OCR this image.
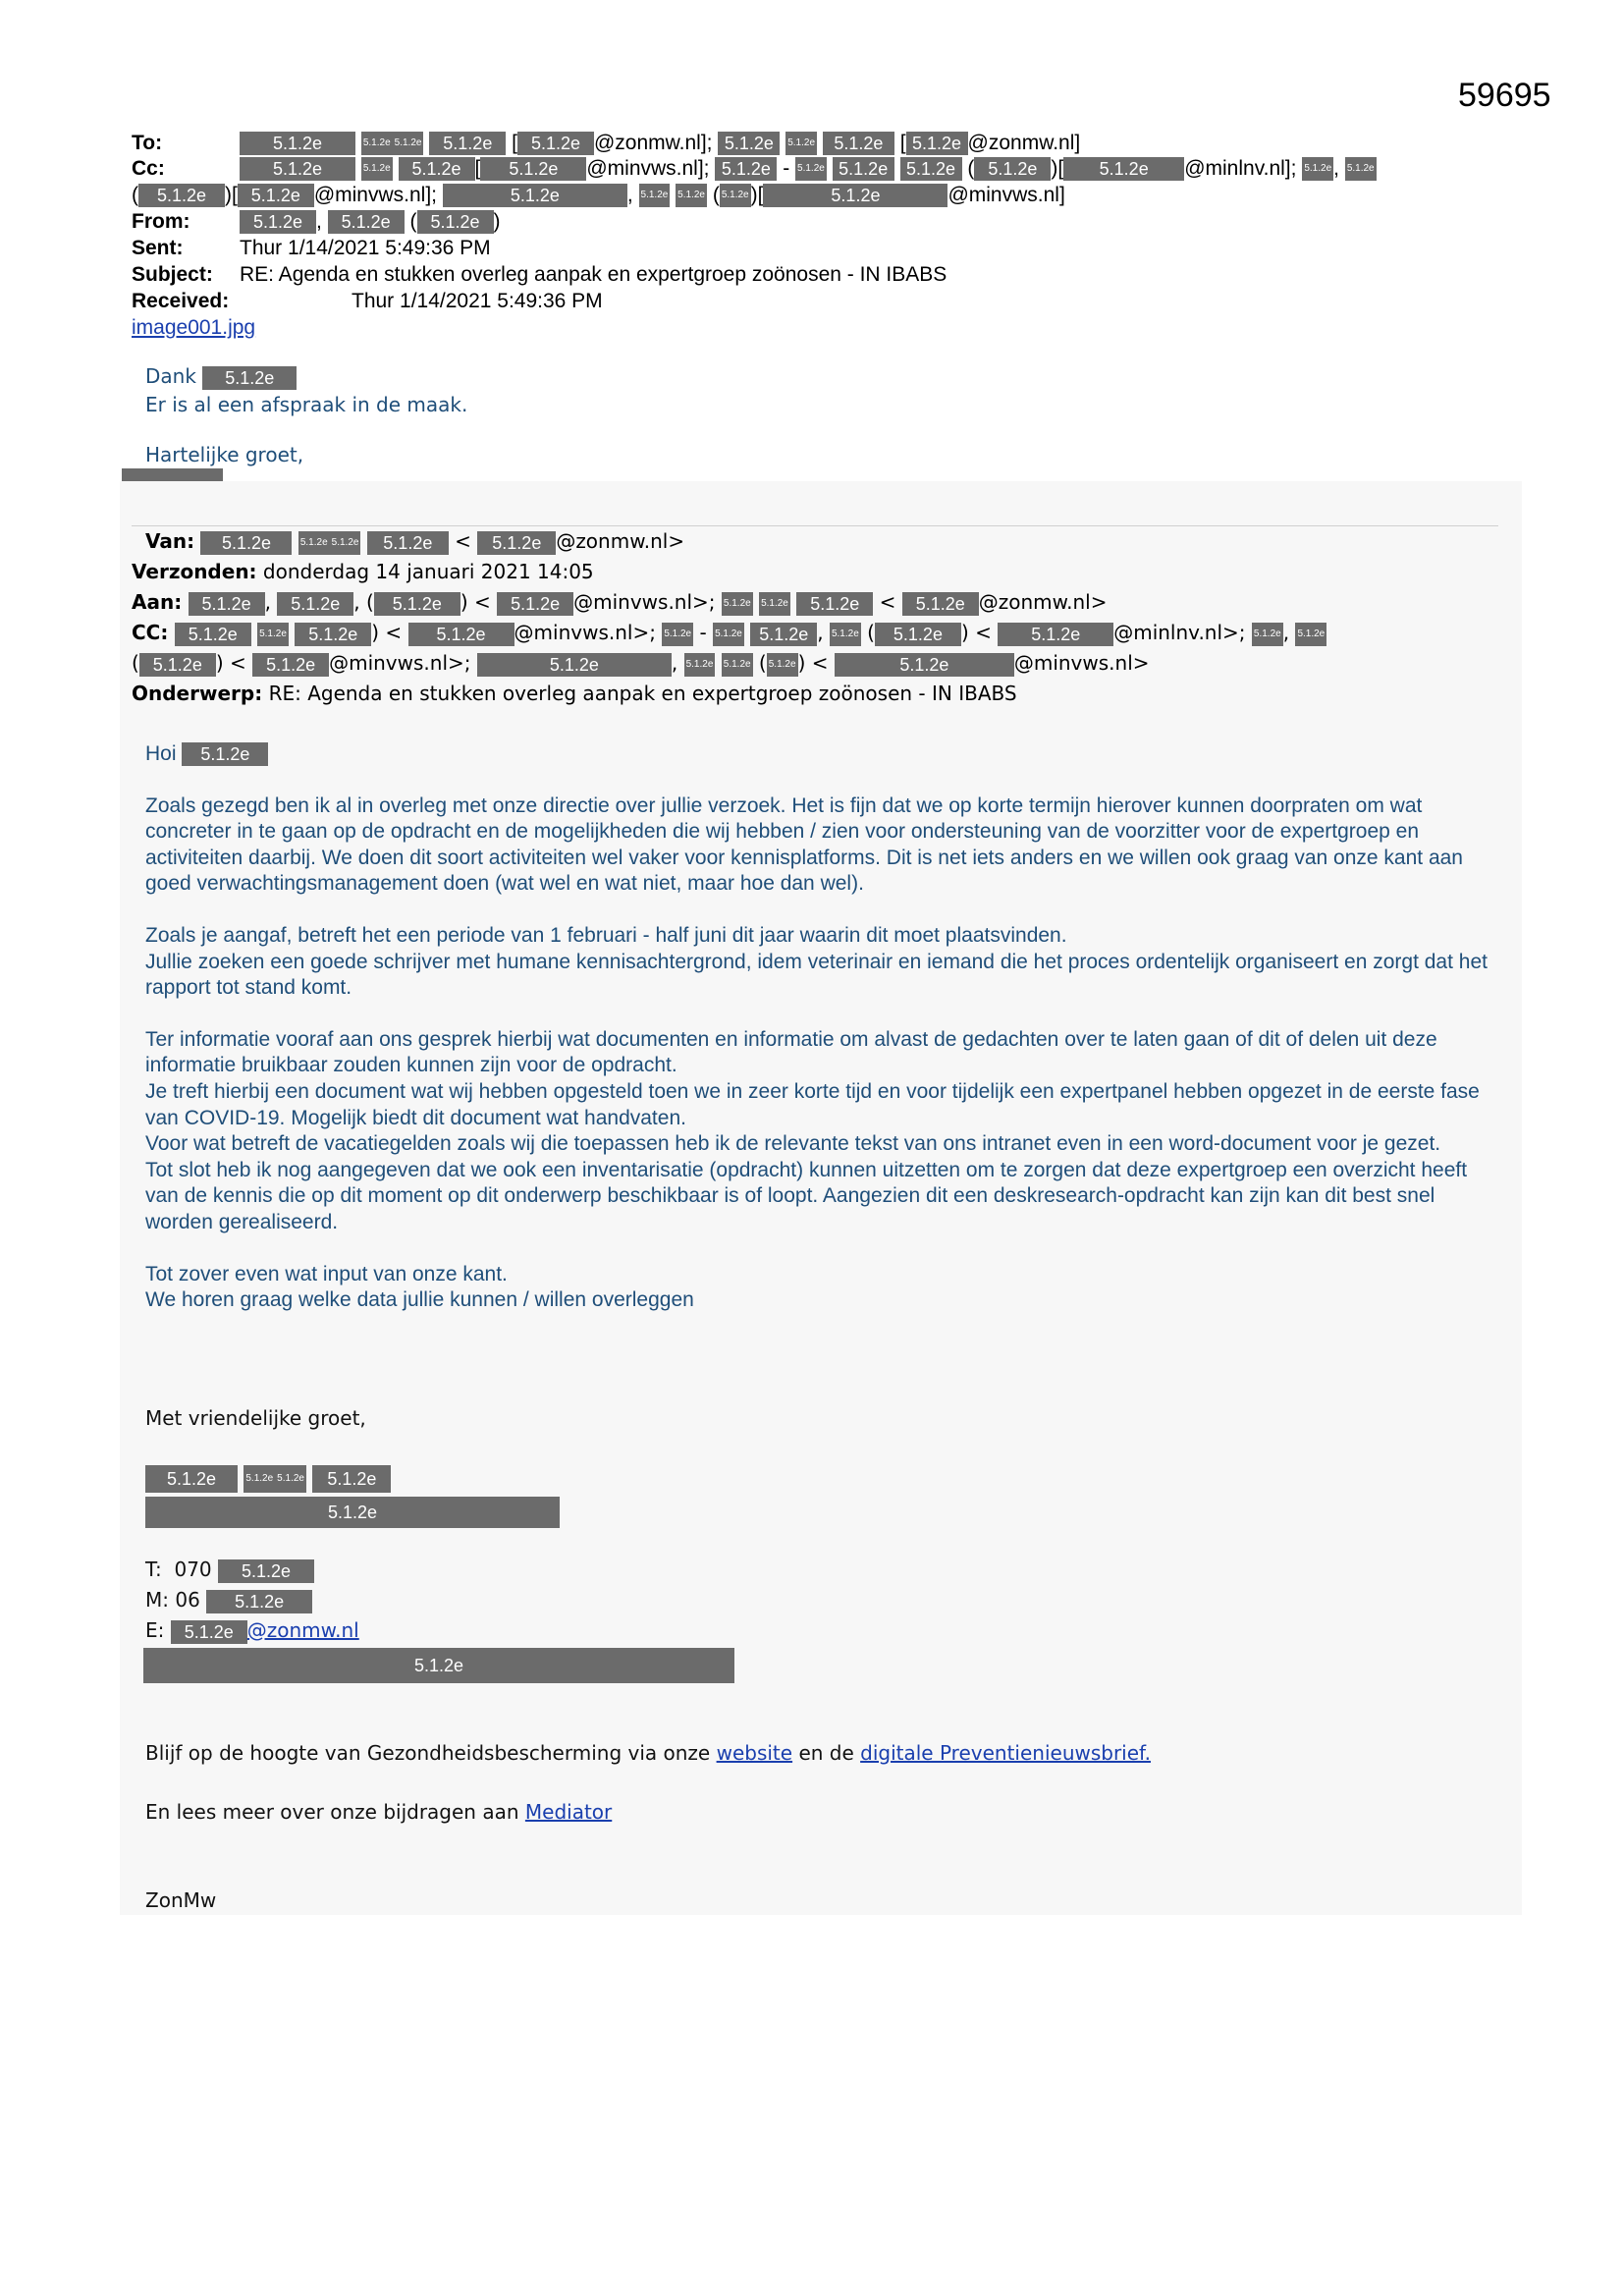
59695
To:	5.1.2e	5.1.2e 5.1.2e 5.1.2e [ 5.1.2e @zonmw.nl]; 5.1.2e 5.1.2e 5.1.2e [ 5.1.2e @zonmw.nl]
Cc:	5.1.2e	5.1.2e 5.1.2e [ 5.1.2e @minvws.nl]; 5.1.2e - 5.1.2e 5.1.2e 5.1.2e ( 5.1.2e )[ 5.1.2e @minlnv.nl]; 5.1.2e, 5.1.2e
( 5.1.2e )[ 5.1.2e @minvws.nl];	5.1.2e	, 5.1.2e 5.1.2e ( 5.1.2e)[	5.1.2e	@minvws.nl]
From:	5.1.2e , 5.1.2e ( 5.1.2e )
Sent:	Thur 1/14/2021 5:49:36 PM
Subject: RE: Agenda en stukken overleg aanpak en expertgroep zoönosen - IN IBABS
Received:	Thur 1/14/2021 5:49:36 PM
image001.jpg
Dank 5.1.2e
Er is al een afspraak in de maak.
Hartelijke groet,
Van: 5.1.2e	5.1.2e 5.1.2e 5.1.2e < 5.1.2e @zonmw.nl>
Verzonden: donderdag 14 januari 2021 14:05
Aan: 5.1.2e , 5.1.2e , ( 5.1.2e ) < 5.1.2e @minvws.nl>; 5.1.2e 5.1.2e 5.1.2e < 5.1.2e @zonmw.nl>
CC: 5.1.2e 5.1.2e 5.1.2e ) < 5.1.2e @minvws.nl>; 5.1.2e - 5.1.2e 5.1.2e , 5.1.2e ( 5.1.2e ) < 5.1.2e @minlnv.nl>; 5.1.2e , 5.1.2e
( 5.1.2e ) < 5.1.2e @minvws.nl>;	5.1.2e	, 5.1.2e 5.1.2e ( 5.1.2e ) <	5.1.2e	@minvws.nl>
Onderwerp: RE: Agenda en stukken overleg aanpak en expertgroep zoönosen - IN IBABS

Hoi 5.1.2e

Zoals gezegd ben ik al in overleg met onze directie over jullie verzoek. Het is fijn dat we op korte termijn hierover kunnen doorpraten om wat concreter in te gaan op de opdracht en de mogelijkheden die wij hebben / zien voor ondersteuning van de voorzitter voor de expertgroep en activiteiten daarbij. We doen dit soort activiteiten wel vaker voor kennisplatforms. Dit is net iets anders en we willen ook graag van onze kant aan goed verwachtingsmanagement doen (wat wel en wat niet, maar hoe dan wel).

Zoals je aangaf, betreft het een periode van 1 februari - half juni dit jaar waarin dit moet plaatsvinden.
Jullie zoeken een goede schrijver met humane kennisachtergrond, idem veterinair en iemand die het proces ordentelijk organiseert en zorgt dat het rapport tot stand komt.

Ter informatie vooraf aan ons gesprek hierbij wat documenten en informatie om alvast de gedachten over te laten gaan of dit of delen uit deze informatie bruikbaar zouden kunnen zijn voor de opdracht.
Je treft hierbij een document wat wij hebben opgesteld toen we in zeer korte tijd en voor tijdelijk een expertpanel hebben opgezet in de eerste fase van COVID-19. Mogelijk biedt dit document wat handvaten.
Voor wat betreft de vacatiegelden zoals wij die toepassen heb ik de relevante tekst van ons intranet even in een word-document voor je gezet.
Tot slot heb ik nog aangegeven dat we ook een inventarisatie (opdracht) kunnen uitzetten om te zorgen dat deze expertgroep een overzicht heeft van de kennis die op dit moment op dit onderwerp beschikbaar is of loopt. Aangezien dit een deskresearch-opdracht kan zijn kan dit best snel worden gerealiseerd.

Tot zover even wat input van onze kant.
We horen graag welke data jullie kunnen / willen overleggen

Met vriendelijke groet,
5.1.2e	5.1.2e 5.1.2e 5.1.2e
5.1.2e
T: 070 5.1.2e
M: 06 5.1.2e
E: 5.1.2e @zonmw.nl
5.1.2e
Blijf op de hoogte van Gezondheidsbescherming via onze website en de digitale Preventienieuwsbrief.
En lees meer over onze bijdragen aan Mediator
ZonMw
